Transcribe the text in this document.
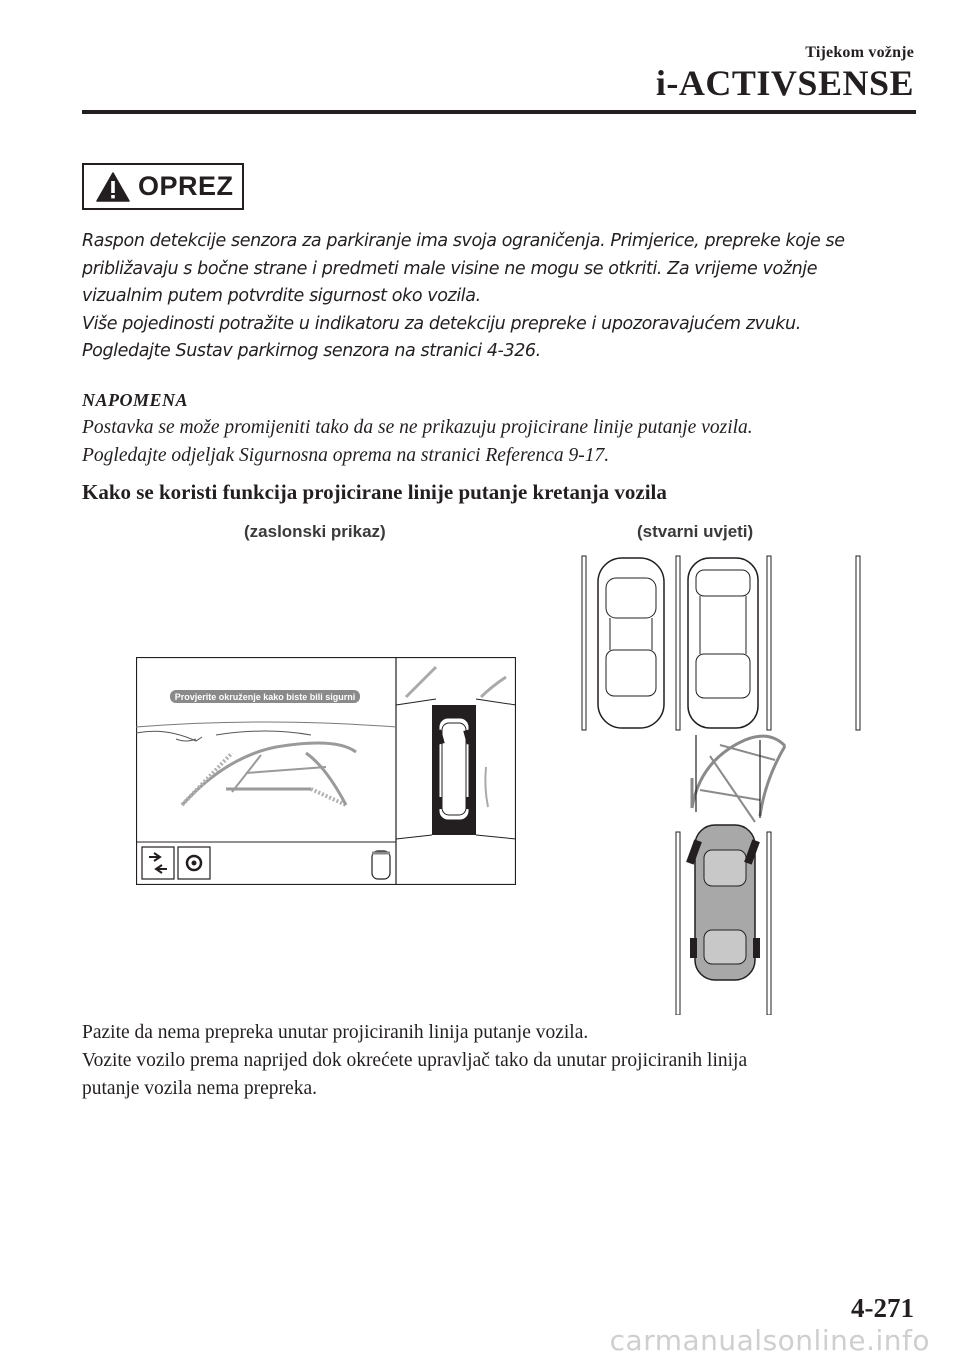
Tijekom vožnje
i-ACTIVSENSE
OPREZ

Raspon detekcije senzora za parkiranje ima svoja ograničenja. Primjerice, prepreke koje se

približavaju s bočne strane i predmeti male visine ne mogu se otkriti. Za vrijeme vožnje

vizualnim putem potvrdite sigurnost oko vozila.

Više pojedinosti potražite u indikatoru za detekciju prepreke i upozoravajućem zvuku.

Pogledajte Sustav parkirnog senzora na stranici 4-326.

NAPOMENA

Postavka se može promijeniti tako da se ne prikazuju projicirane linije putanje vozila.

Pogledajte odjeljak Sigurnosna oprema na stranici Referenca 9-17.

Kako se koristi funkcija projicirane linije putanje kretanja vozila
(zaslonski prikaz)	(stvarni uvjeti)
Provjerite okruženje kako biste bili sigurni

Pazite da nema prepreka unutar projiciranih linija putanje vozila.

Vozite vozilo prema naprijed dok okrećete upravljač tako da unutar projiciranih linija

putanje vozila nema prepreka.

4-271
carmanualsonline.info
